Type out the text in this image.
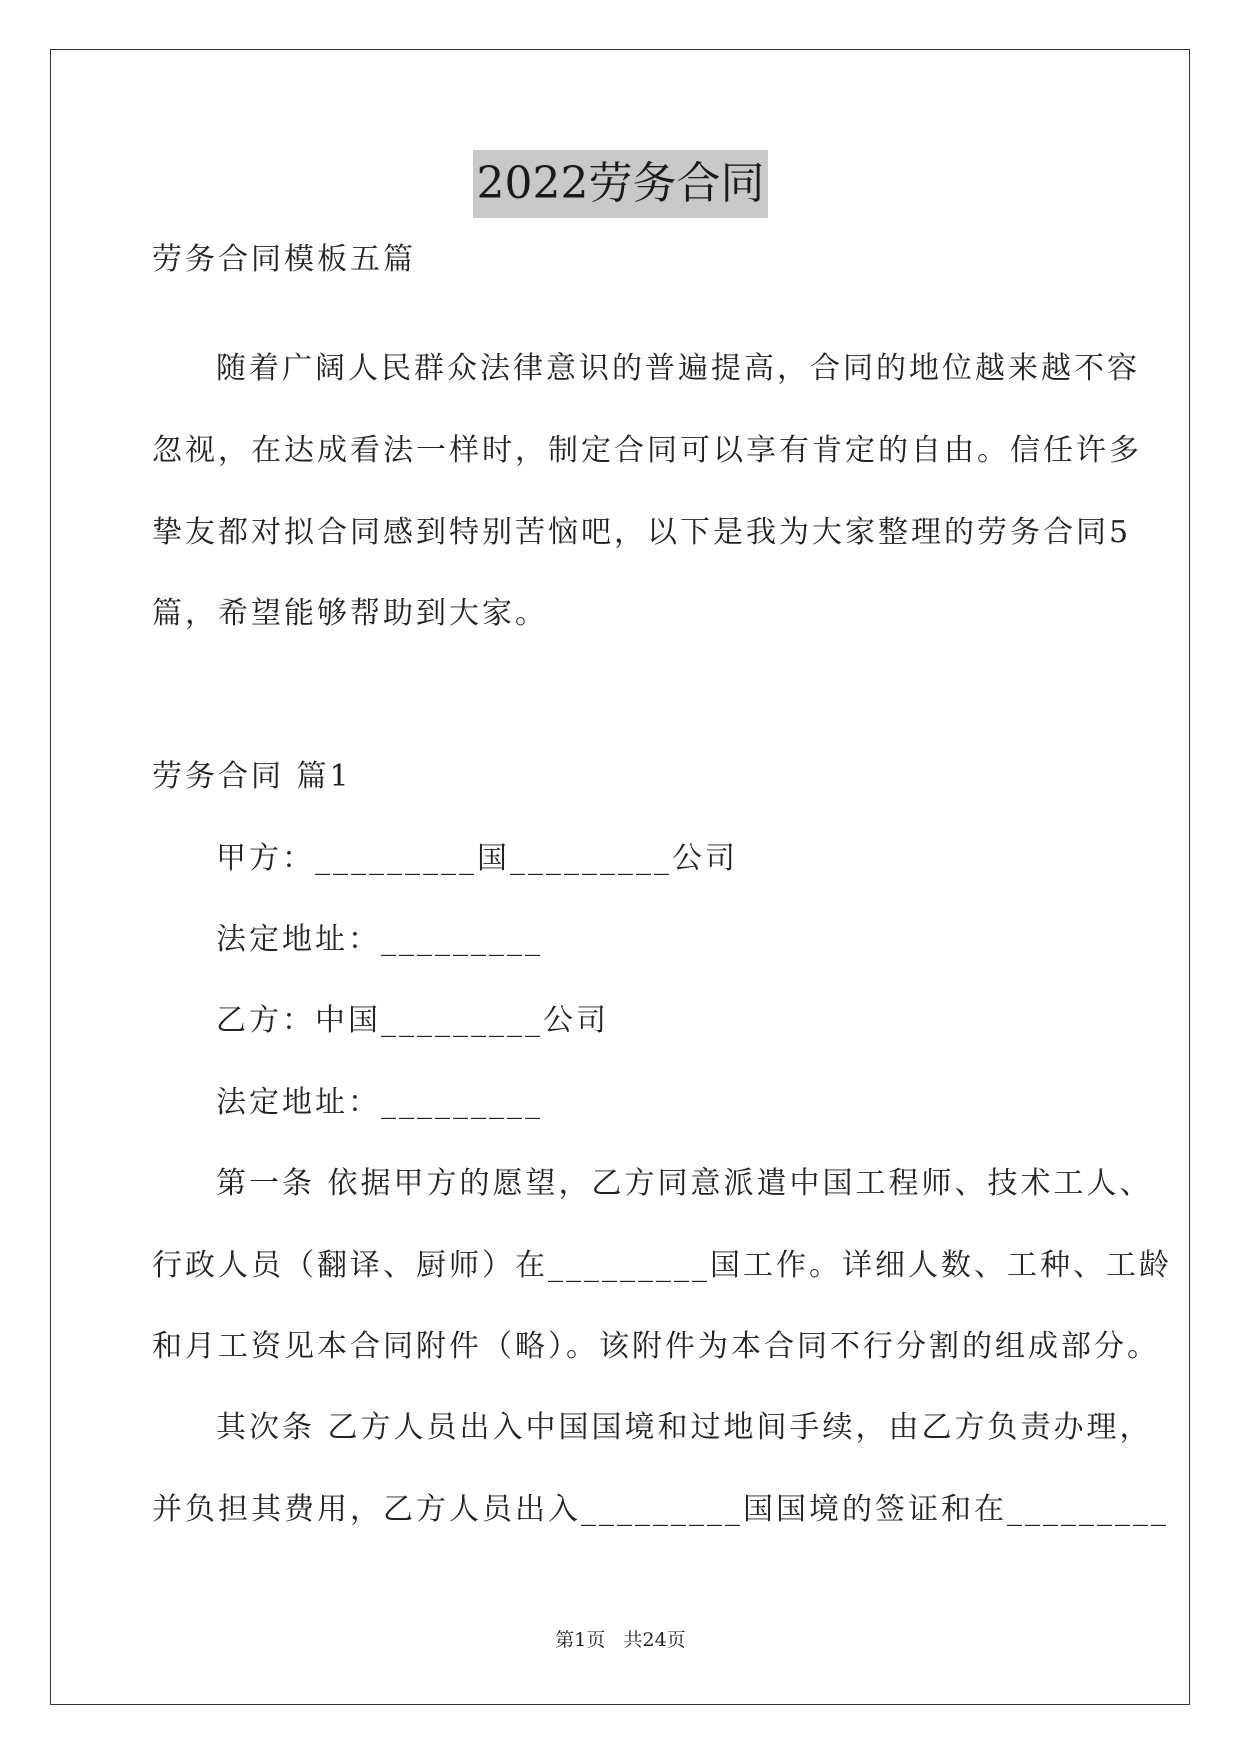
2022劳务合同
劳务合同模板五篇
随着广阔人民群众法律意识的普遍提高，合同的地位越来越不容
忽视，在达成看法一样时，制定合同可以享有肯定的自由。信任许多
挚友都对拟合同感到特别苦恼吧，以下是我为大家整理的劳务合同5
篇，希望能够帮助到大家。
劳务合同 篇1
甲方：_________国_________公司
法定地址：_________
乙方：中国_________公司
法定地址：_________
第一条 依据甲方的愿望，乙方同意派遣中国工程师、技术工人、
行政人员（翻译、厨师）在_________国工作。详细人数、工种、工龄
和月工资见本合同附件（略）。该附件为本合同不行分割的组成部分。
其次条 乙方人员出入中国国境和过地间手续，由乙方负责办理，
并负担其费用，乙方人员出入_________国国境的签证和在_________
第1页   共24页
